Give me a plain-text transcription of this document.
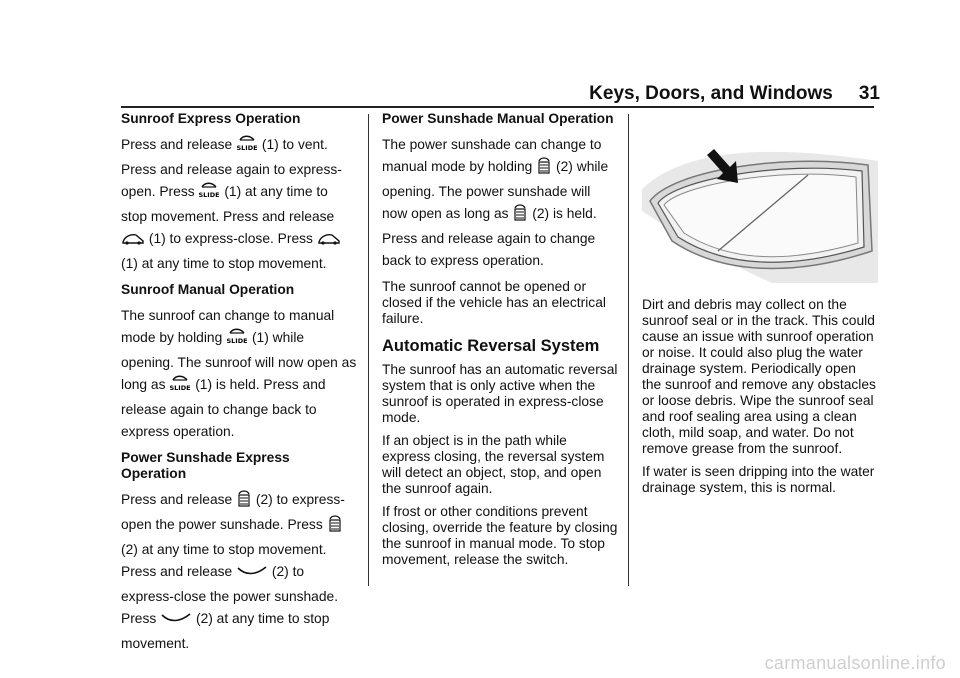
Keys, Doors, and Windows 31
Sunroof Express Operation
Press and release SLIDE (1) to vent. Press and release again to express-open. Press SLIDE (1) at any time to stop movement. Press and release  (1) to express-close. Press  (1) at any time to stop movement.
Sunroof Manual Operation
The sunroof can change to manual mode by holding SLIDE (1) while opening. The sunroof will now open as long as SLIDE (1) is held. Press and release again to change back to express operation.
Power Sunshade Express Operation
Press and release (2) to express-open the power sunshade. Press  (2) at any time to stop movement. Press and release	(2) to express-close the power sunshade. Press	(2) at any time to stop movement.
Power Sunshade Manual Operation
The power sunshade can change to manual mode by holding (2) while opening. The power sunshade will now open as long as (2) is held. Press and release again to change back to express operation.
The sunroof cannot be opened or closed if the vehicle has an electrical failure.
Automatic Reversal System
The sunroof has an automatic reversal system that is only active when the sunroof is operated in express-close mode.
If an object is in the path while express closing, the reversal system will detect an object, stop, and open the sunroof again.
If frost or other conditions prevent closing, override the feature by closing the sunroof in manual mode. To stop movement, release the switch.
Dirt and debris may collect on the sunroof seal or in the track. This could cause an issue with sunroof operation or noise. It could also plug the water drainage system. Periodically open the sunroof and remove any obstacles or loose debris. Wipe the sunroof seal and roof sealing area using a clean cloth, mild soap, and water. Do not remove grease from the sunroof.
If water is seen dripping into the water drainage system, this is normal.
carmanualsonline.info
